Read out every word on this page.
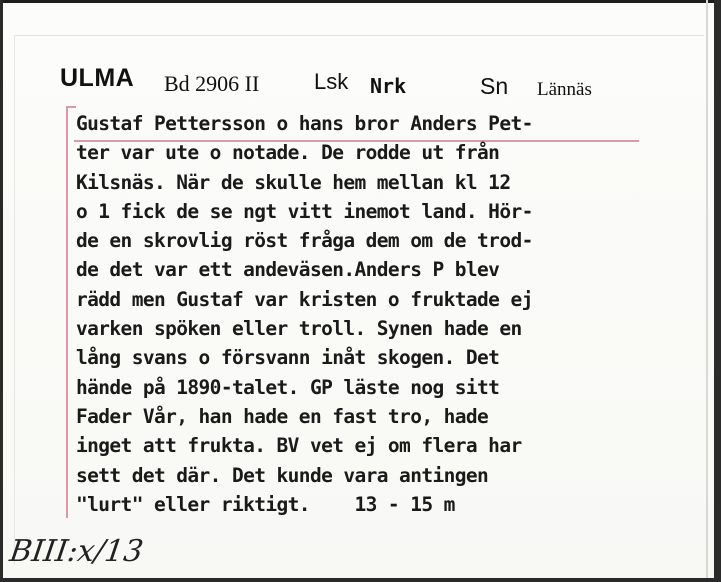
ULMA Bd 2906 II Lsk Nrk	Sn Lännäs
Gustaf Pettersson o hans bror Anders Pet-
ter var ute o notade. De rodde ut från
Kilsnäs. När de skulle hem mellan kl 12
o 1 fick de se ngt vitt inemot land. Hör-
de en skrovlig röst fråga dem om de trod-
de det var ett andeväsen.Anders P blev
rädd men Gustaf var kristen o fruktade ej
varken spöken eller troll. Synen hade en
lång svans o försvann inåt skogen. Det
hände på 1890-talet. GP läste nog sitt
Fader Vår, han hade en fast tro, hade
inget att frukta. BV vet ej om flera har
sett det där. Det kunde vara antingen
"lurt" eller riktigt.    13 - 15 m
BIII:x/13
